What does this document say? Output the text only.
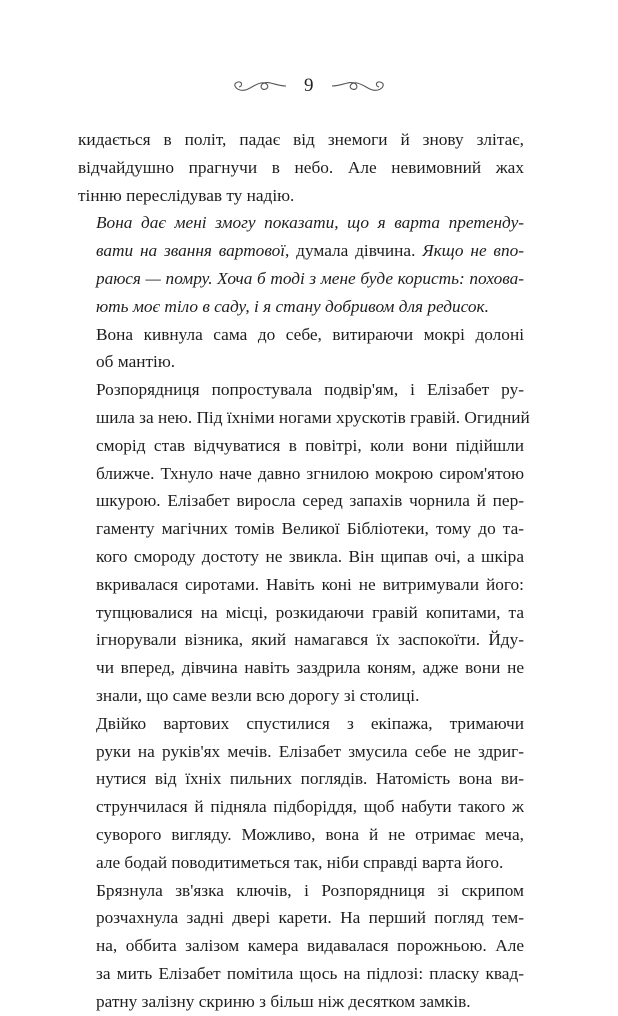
9

кидається в політ, падає від знемоги й знову злітає,
відчайдушно прагнучи в небо. Але невимовний жах
тінню переслідував ту надію.

Вона дає мені змогу показати, що я варта претенду-
вати на звання вартової, думала дівчина. Якщо не впо-
раюся — помру. Хоча б тоді з мене буде користь: похова-
ють моє тіло в саду, і я стану добривом для редисок.

Вона кивнула сама до себе, витираючи мокрі долоні
об мантію.

Розпорядниця попростувала подвір'ям, і Елізабет ру-
шила за нею. Під їхніми ногами хрускотів гравій. Огидний
сморід став відчуватися в повітрі, коли вони підійшли
ближче. Тхнуло наче давно згнилою мокрою сиром'ятою
шкурою. Елізабет виросла серед запахів чорнила й пер-
гаменту магічних томів Великої Бібліотеки, тому до та-
кого смороду достоту не звикла. Він щипав очі, а шкіра
вкривалася сиротами. Навіть коні не витримували його:
тупцювалися на місці, розкидаючи гравій копитами, та
ігнорували візника, який намагався їх заспокоїти. Йду-
чи вперед, дівчина навіть заздрила коням, адже вони не
знали, що саме везли всю дорогу зі столиці.

Двійко вартових спустилися з екіпажа, тримаючи
руки на руків'ях мечів. Елізабет змусила себе не здриг-
нутися від їхніх пильних поглядів. Натомість вона ви-
струнчилася й підняла підборіддя, щоб набути такого ж
суворого вигляду. Можливо, вона й не отримає меча,
але бодай поводитиметься так, ніби справді варта його.

Брязнула зв'язка ключів, і Розпорядниця зі скрипом
розчахнула задні двері карети. На перший погляд тем-
на, оббита залізом камера видавалася порожньою. Але
за мить Елізабет помітила щось на підлозі: пласку квад-
ратну залізну скриню з більш ніж десятком замків.
